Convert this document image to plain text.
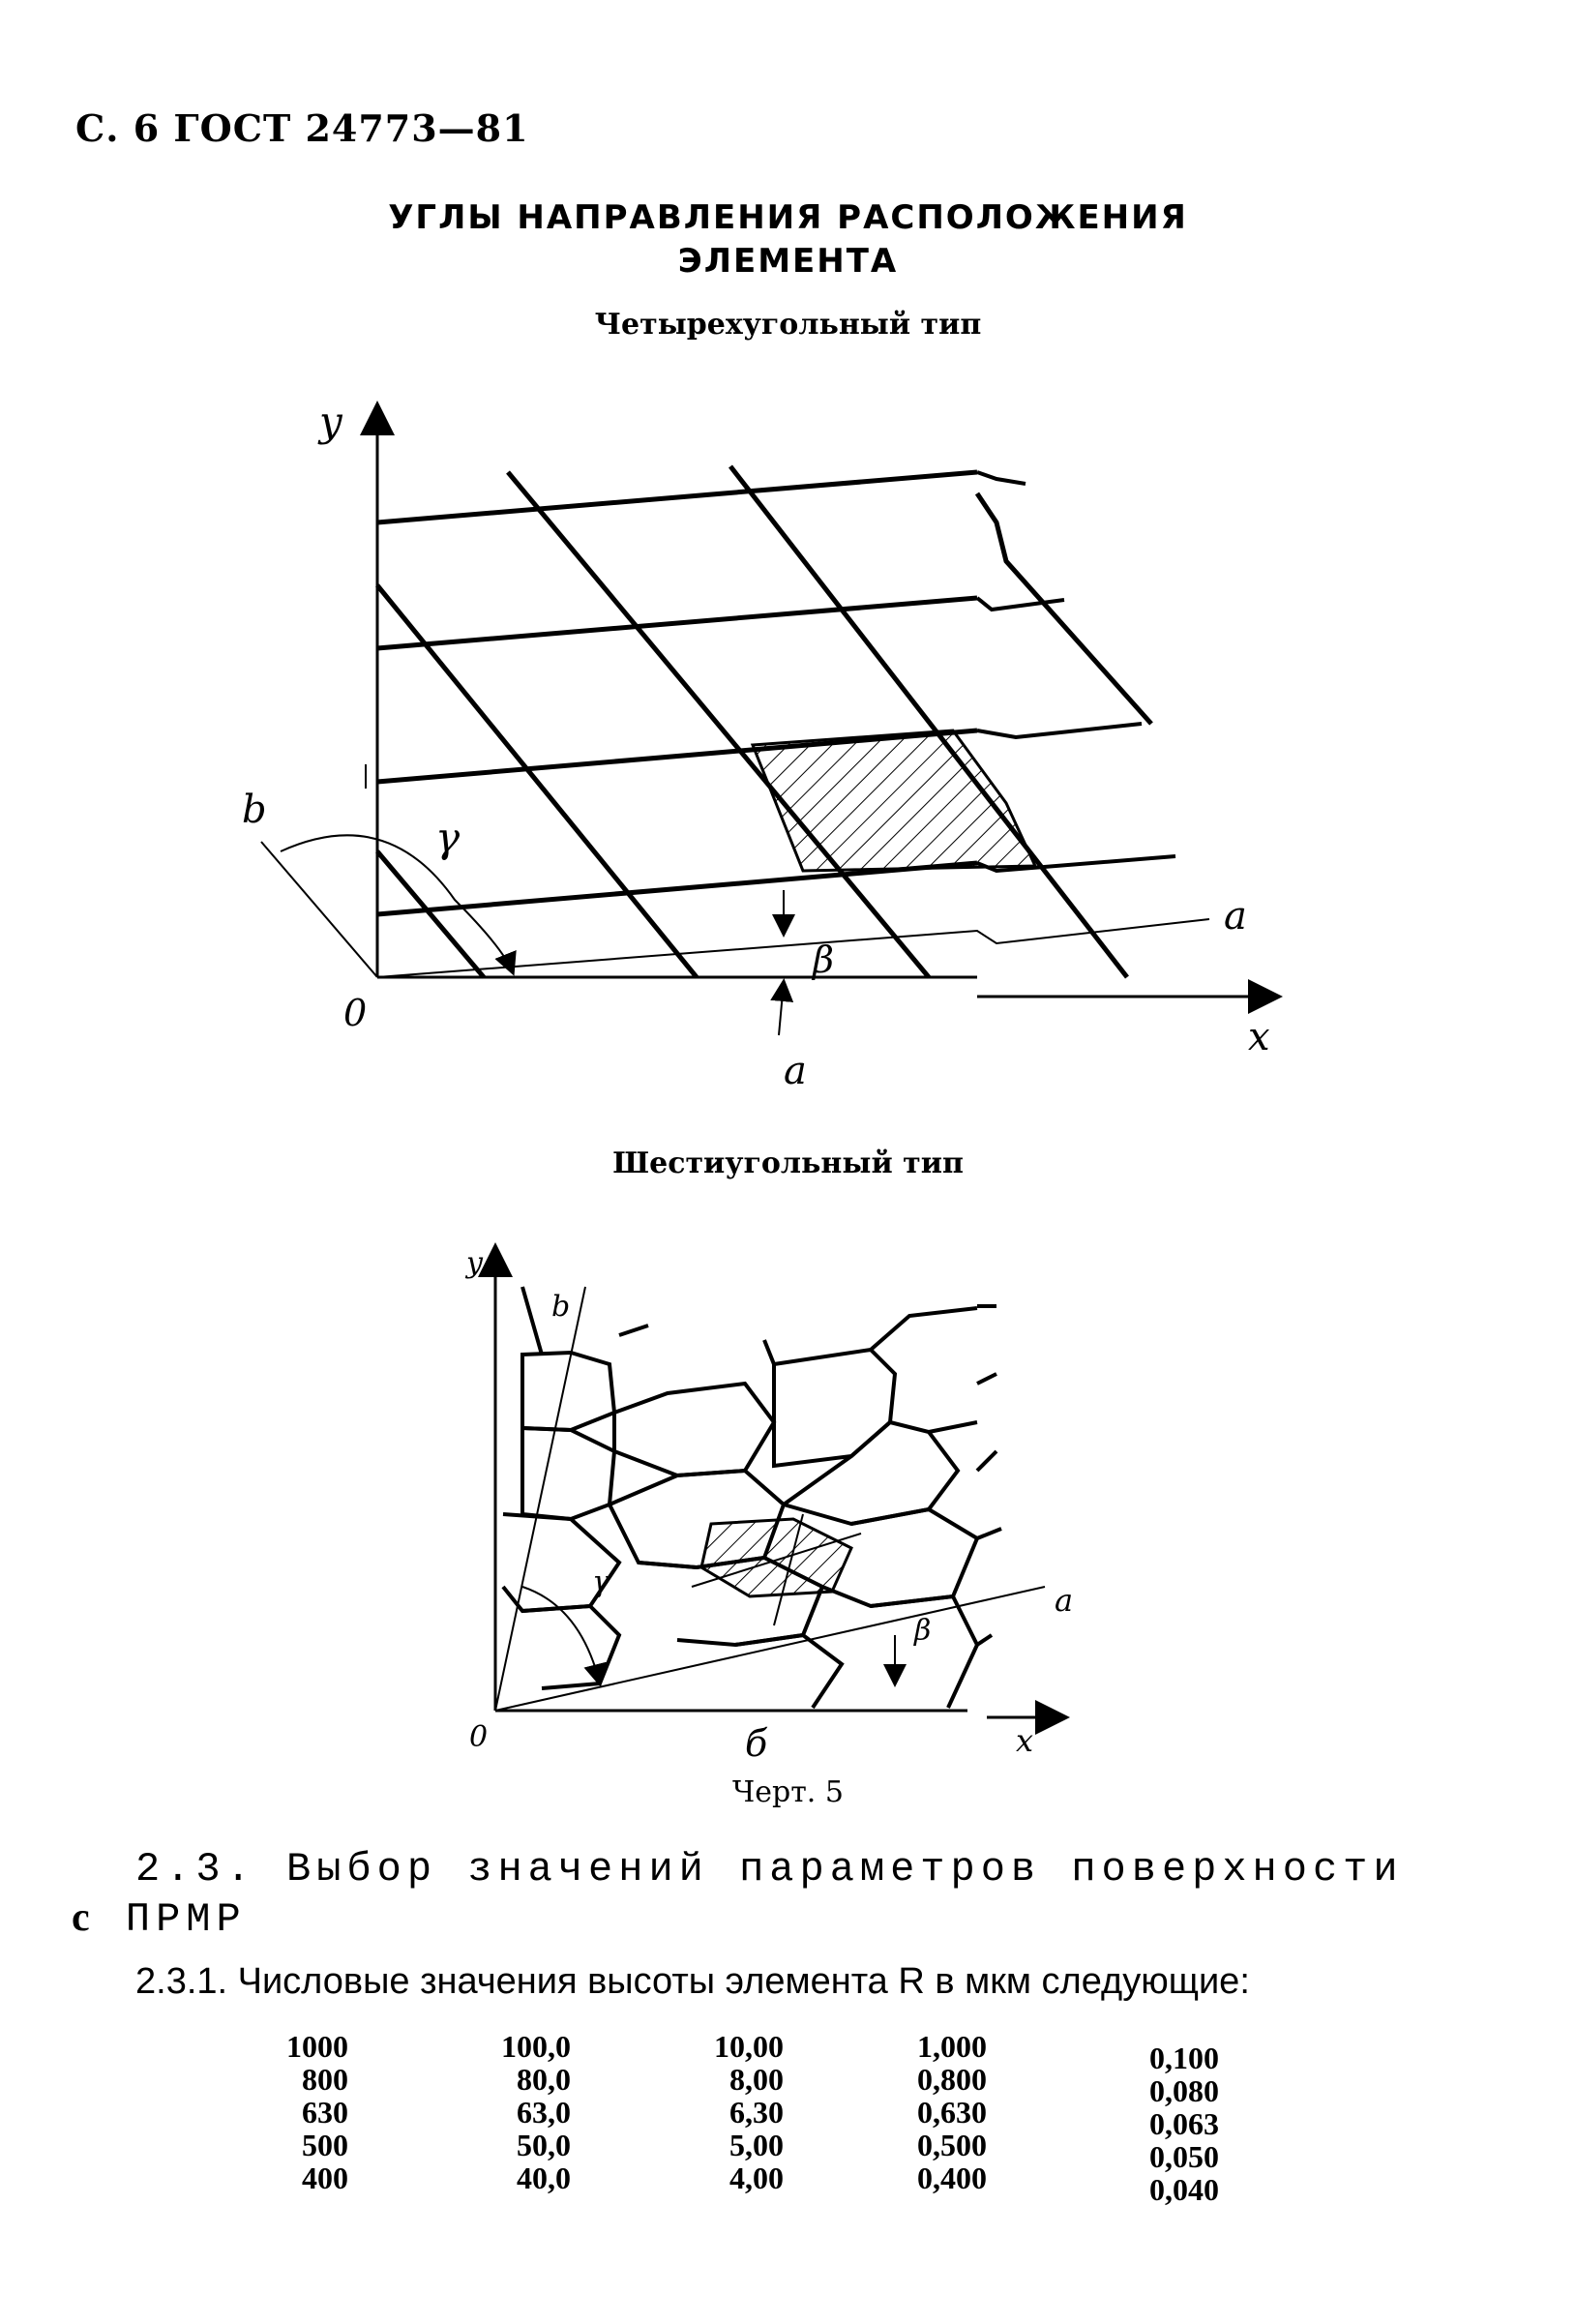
С. 6 ГОСТ 24773—81
УГЛЫ НАПРАВЛЕНИЯ РАСПОЛОЖЕНИЯ
ЭЛЕМЕНТА
Четырехугольный тип
y
x
0
b
γ
β
a
a
y
x
0
b
γ
β
a
б
Шестиугольный тип
Черт. 5
2.3. Выбор значений параметров поверхности
с ПРМР
2.3.1. Числовые значения высоты элемента R в мкм следующие:
1000
800
630
500
400
100,0
80,0
63,0
50,0
40,0
10,00
8,00
6,30
5,00
4,00
1,000
0,800
0,630
0,500
0,400
0,100
0,080
0,063
0,050
0,040
